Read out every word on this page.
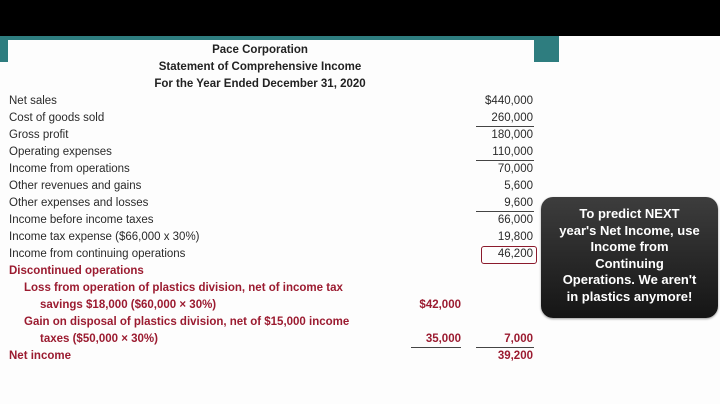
Pace Corporation
Statement of Comprehensive Income
For the Year Ended December 31, 2020
Net sales	$440,000
Cost of goods sold	260,000
Gross profit	180,000
Operating expenses	110,000
Income from operations	70,000
Other revenues and gains	5,600
Other expenses and losses	9,600
Income before income taxes	66,000
Income tax expense ($66,000 x 30%)	19,800
Income from continuing operations	46,200
Discontinued operations
Loss from operation of plastics division, net of income tax
savings $18,000 ($60,000 × 30%)	$42,000
Gain on disposal of plastics division, net of $15,000 income
taxes ($50,000 × 30%)	35,000	7,000
Net income	39,200
To predict NEXT
year's Net Income, use
Income from
Continuing
Operations. We aren't
in plastics anymore!
